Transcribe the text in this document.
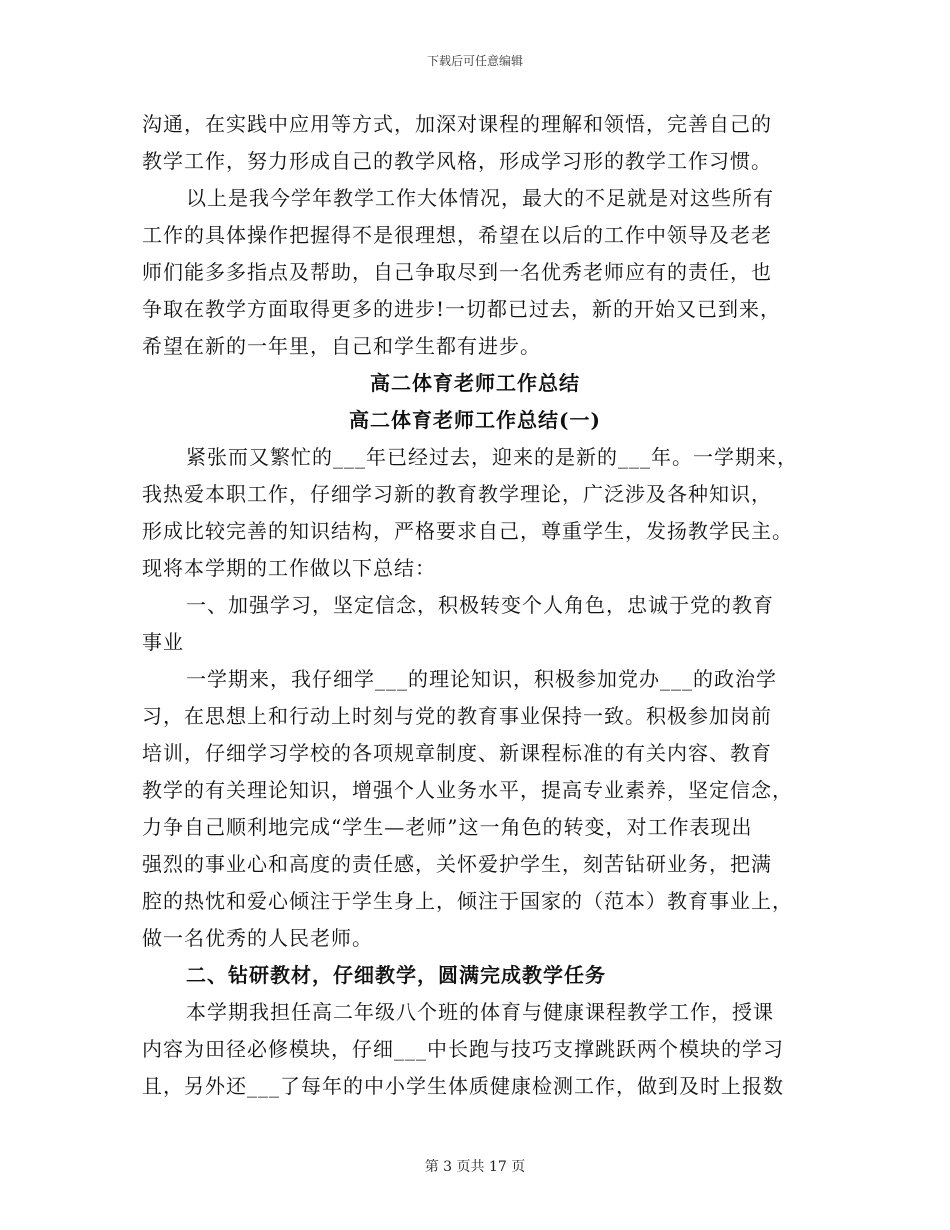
下载后可任意编辑
沟通，在实践中应用等方式，加深对课程的理解和领悟，完善自己的
教学工作，努力形成自己的教学风格，形成学习形的教学工作习惯。
以上是我今学年教学工作大体情况，最大的不足就是对这些所有
工作的具体操作把握得不是很理想，希望在以后的工作中领导及老老
师们能多多指点及帮助，自己争取尽到一名优秀老师应有的责任，也
争取在教学方面取得更多的进步!一切都已过去，新的开始又已到来，
希望在新的一年里，自己和学生都有进步。
高二体育老师工作总结
高二体育老师工作总结(一)
紧张而又繁忙的___年已经过去，迎来的是新的___年。一学期来，
我热爱本职工作，仔细学习新的教育教学理论，广泛涉及各种知识，
形成比较完善的知识结构，严格要求自己，尊重学生，发扬教学民主。
现将本学期的工作做以下总结：
一、加强学习，坚定信念，积极转变个人角色，忠诚于党的教育
事业
一学期来，我仔细学___的理论知识，积极参加党办___的政治学
习，在思想上和行动上时刻与党的教育事业保持一致。积极参加岗前
培训，仔细学习学校的各项规章制度、新课程标准的有关内容、教育
教学的有关理论知识，增强个人业务水平，提高专业素养，坚定信念，
力争自己顺利地完成“学生—老师”这一角色的转变，对工作表现出
强烈的事业心和高度的责任感，关怀爱护学生，刻苦钻研业务，把满
腔的热忱和爱心倾注于学生身上，倾注于国家的（范本）教育事业上，
做一名优秀的人民老师。
二、钻研教材，仔细教学，圆满完成教学任务
本学期我担任高二年级八个班的体育与健康课程教学工作，授课
内容为田径必修模块，仔细___中长跑与技巧支撑跳跃两个模块的学习
且，另外还___了每年的中小学生体质健康检测工作，做到及时上报数
第 3 页共 17 页
